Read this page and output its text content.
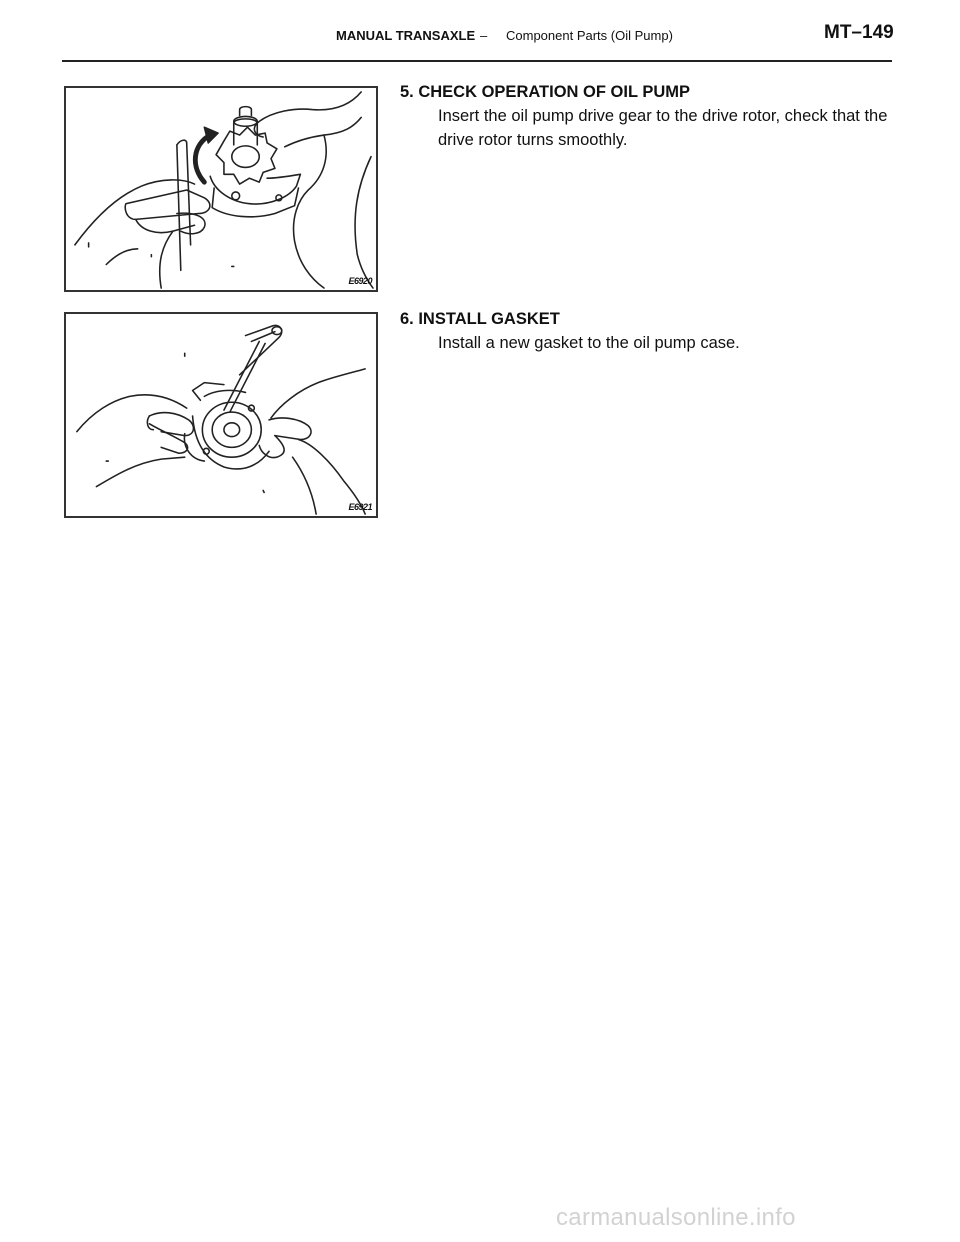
MANUAL TRANSAXLE – Component Parts (Oil Pump)	MT–149
E6920
E6921
5. CHECK OPERATION OF OIL PUMP
Insert the oil pump drive gear to the drive rotor, check that the drive rotor turns smoothly.
6. INSTALL GASKET
Install a new gasket to the oil pump case.
carmanualsonline.info
